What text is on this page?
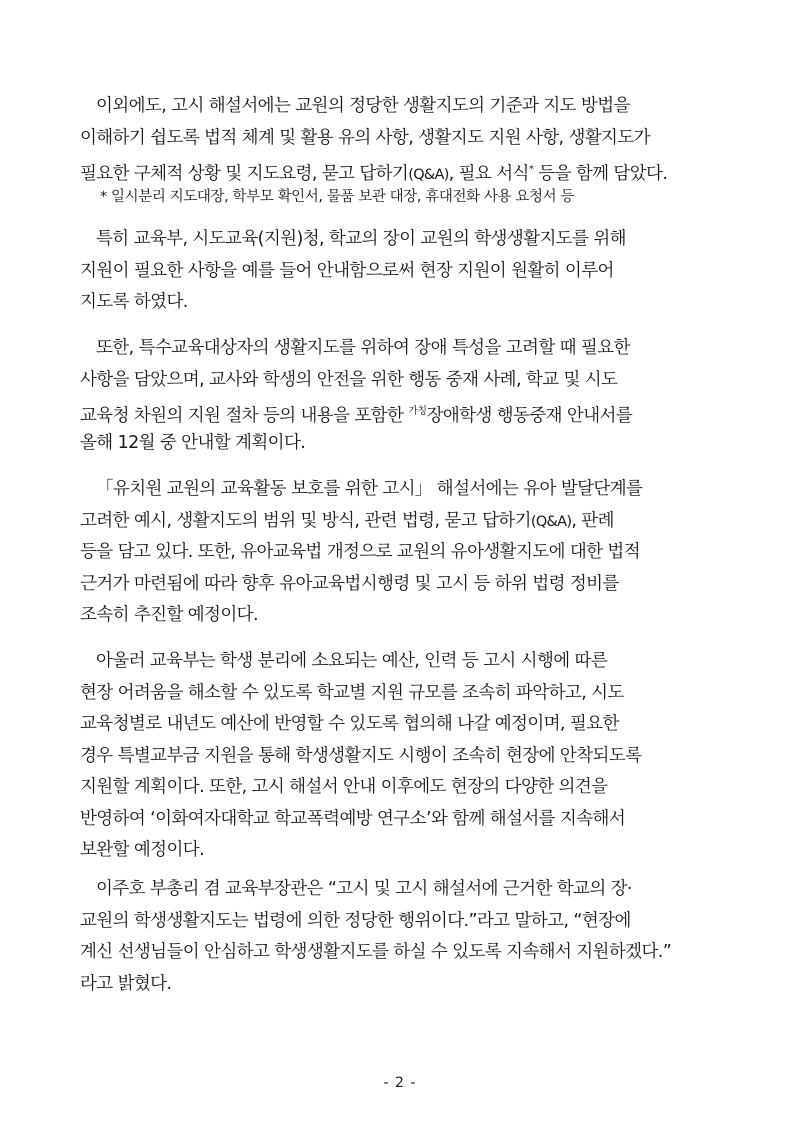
이외에도, 고시 해설서에는 교원의 정당한 생활지도의 기준과 지도 방법을
이해하기 쉽도록 법적 체계 및 활용 유의 사항, 생활지도 지원 사항, 생활지도가
필요한 구체적 상황 및 지도요령, 묻고 답하기(Q&A), 필요 서식* 등을 함께 담았다.

* 일시분리 지도대장, 학부모 확인서, 물품 보관 대장, 휴대전화 사용 요청서 등

특히 교육부, 시도교육(지원)청, 학교의 장이 교원의 학생생활지도를 위해
지원이 필요한 사항을 예를 들어 안내함으로써 현장 지원이 원활히 이루어
지도록 하였다.

또한, 특수교육대상자의 생활지도를 위하여 장애 특성을 고려할 때 필요한
사항을 담았으며, 교사와 학생의 안전을 위한 행동 중재 사례, 학교 및 시도
교육청 차원의 지원 절차 등의 내용을 포함한 $^{가칭}$장애학생 행동중재 안내서를
올해 12월 중 안내할 계획이다.

「유치원 교원의 교육활동 보호를 위한 고시」 해설서에는 유아 발달단계를
고려한 예시, 생활지도의 범위 및 방식, 관련 법령, 묻고 답하기(Q&A), 판례
등을 담고 있다. 또한, 유아교육법 개정으로 교원의 유아생활지도에 대한 법적
근거가 마련됨에 따라 향후 유아교육법시행령 및 고시 등 하위 법령 정비를
조속히 추진할 예정이다.

아울러 교육부는 학생 분리에 소요되는 예산, 인력 등 고시 시행에 따른
현장 어려움을 해소할 수 있도록 학교별 지원 규모를 조속히 파악하고, 시도
교육청별로 내년도 예산에 반영할 수 있도록 협의해 나갈 예정이며, 필요한
경우 특별교부금 지원을 통해 학생생활지도 시행이 조속히 현장에 안착되도록
지원할 계획이다. 또한, 고시 해설서 안내 이후에도 현장의 다양한 의견을
반영하여 ‘이화여자대학교 학교폭력예방 연구소’와 함께 해설서를 지속해서
보완할 예정이다.

이주호 부총리 겸 교육부장관은 “고시 및 고시 해설서에 근거한 학교의 장·
교원의 학생생활지도는 법령에 의한 정당한 행위이다.”라고 말하고, “현장에
계신 선생님들이 안심하고 학생생활지도를 하실 수 있도록 지속해서 지원하겠다.”
라고 밝혔다.

- 2 -
